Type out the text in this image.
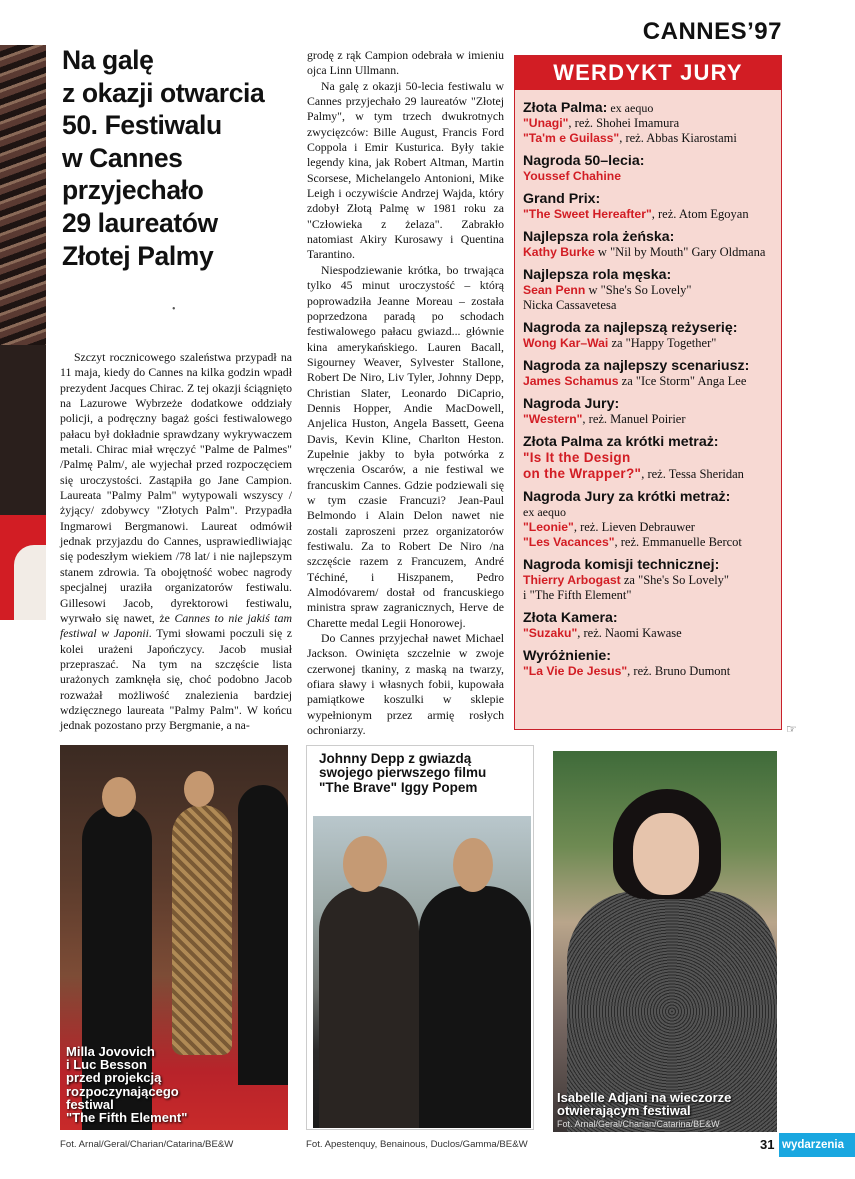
CANNES’97
Na galę
z okazji otwarcia
50. Festiwalu
w Cannes
przyjechało
29 laureatów
Złotej Palmy
•

Szczyt rocznicowego szaleństwa przypadł na 11 maja, kiedy do Cannes na kilka godzin wpadł prezydent Jacques Chirac. Z tej okazji ściągnięto na Lazurowe Wybrzeże dodatkowe oddziały policji, a podręczny bagaż gości festiwalowego pałacu był dokładnie sprawdzany wykrywaczem metali. Chirac miał wręczyć "Palme de Palmes" /Palmę Palm/, ale wyjechał przed rozpoczęciem się uroczystości. Zastąpiła go Jane Campion. Laureata "Palmy Palm" wytypowali wszyscy /żyjący/ zdobywcy "Złotych Palm". Przypadła Ingmarowi Bergmanowi. Laureat odmówił jednak przyjazdu do Cannes, usprawiedliwiając się podeszłym wiekiem /78 lat/ i nie najlepszym stanem zdrowia. Ta obojętność wobec nagrody specjalnej uraziła organizatorów festiwalu. Gillesowi Jacob, dyrektorowi festiwalu, wyrwało się nawet, że Cannes to nie jakiś tam festiwal w Japonii. Tymi słowami poczuli się z kolei urażeni Japończycy. Jacob musiał przepraszać. Na tym na szczęście lista urażonych zamknęła się, choć podobno Jacob rozważał możliwość znalezienia bardziej wdzięcznego laureata "Palmy Palm". W końcu jednak pozostano przy Bergmanie, a na-

grodę z rąk Campion odebrała w imieniu ojca Linn Ullmann.

Na galę z okazji 50-lecia festiwalu w Cannes przyjechało 29 laureatów "Złotej Palmy", w tym trzech dwukrotnych zwycięzców: Bille August, Francis Ford Coppola i Emir Kusturica. Były takie legendy kina, jak Robert Altman, Martin Scorsese, Michelangelo Antonioni, Mike Leigh i oczywiście Andrzej Wajda, który zdobył Złotą Palmę w 1981 roku za "Człowieka z żelaza". Zabrakło natomiast Akiry Kurosawy i Quentina Tarantino.

Niespodziewanie krótka, bo trwająca tylko 45 minut uroczystość – którą poprowadziła Jeanne Moreau – została poprzedzona paradą po schodach festiwalowego pałacu gwiazd... głównie kina amerykańskiego. Lauren Bacall, Sigourney Weaver, Sylvester Stallone, Robert De Niro, Liv Tyler, Johnny Depp, Christian Slater, Leonardo DiCaprio, Dennis Hopper, Andie MacDowell, Anjelica Huston, Angela Bassett, Geena Davis, Kevin Kline, Charlton Heston. Zupełnie jakby to była potwórka z wręczenia Oscarów, a nie festiwal we francuskim Cannes. Gdzie podziewali się w tym czasie Francuzi? Jean-Paul Belmondo i Alain Delon nawet nie zostali zaproszeni przez organizatorów festiwalu. Za to Robert De Niro /na szczęście razem z Francuzem, André Téchiné, i Hiszpanem, Pedro Almodóvarem/ dostał od francuskiego ministra spraw zagranicznych, Herve de Charette medal Legii Honorowej.

Do Cannes przyjechał nawet Michael Jackson. Owinięta szczelnie w zwoje czerwonej tkaniny, z maską na twarzy, ofiara sławy i własnych fobii, kupowała pamiątkowe koszulki w sklepie wypełnionym przez armię rosłych ochroniarzy.

WERDYKT JURY
Złota Palma: ex aequo
"Unagi", reż. Shohei Imamura
"Ta'm e Guilass", reż. Abbas Kiarostami
Nagroda 50–lecia:
Youssef Chahine
Grand Prix:
"The Sweet Hereafter", reż. Atom Egoyan
Najlepsza rola żeńska:
Kathy Burke w "Nil by Mouth" Gary Oldmana
Najlepsza rola męska:
Sean Penn w "She's So Lovely"
Nicka Cassavetesa
Nagroda za najlepszą reżyserię:
Wong Kar–Wai za "Happy Together"
Nagroda za najlepszy scenariusz:
James Schamus za "Ice Storm" Anga Lee
Nagroda Jury:
"Western", reż. Manuel Poirier
Złota Palma za krótki metraż:
"Is It the Design
on the Wrapper?", reż. Tessa Sheridan
Nagroda Jury za krótki metraż:
ex aequo
"Leonie", reż. Lieven Debrauwer
"Les Vacances", reż. Emmanuelle Bercot
Nagroda komisji technicznej:
Thierry Arbogast za "She's So Lovely"
i "The Fifth Element"
Złota Kamera:
"Suzaku", reż. Naomi Kawase
Wyróżnienie:
"La Vie De Jesus", reż. Bruno Dumont
☞
Milla Jovovich
i Luc Besson
przed projekcją
rozpoczynającego
festiwal
"The Fifth Element"
Johnny Depp z gwiazdą
swojego pierwszego filmu
"The Brave" Iggy Popem
Isabelle Adjani na wieczorze
otwierającym festiwal
Fot. Arnal/Geral/Charian/Catarina/BE&W
Fot. Arnal/Geral/Charian/Catarina/BE&W	Fot. Apestenquy, Benainous, Duclos/Gamma/BE&W	31 wydarzenia
